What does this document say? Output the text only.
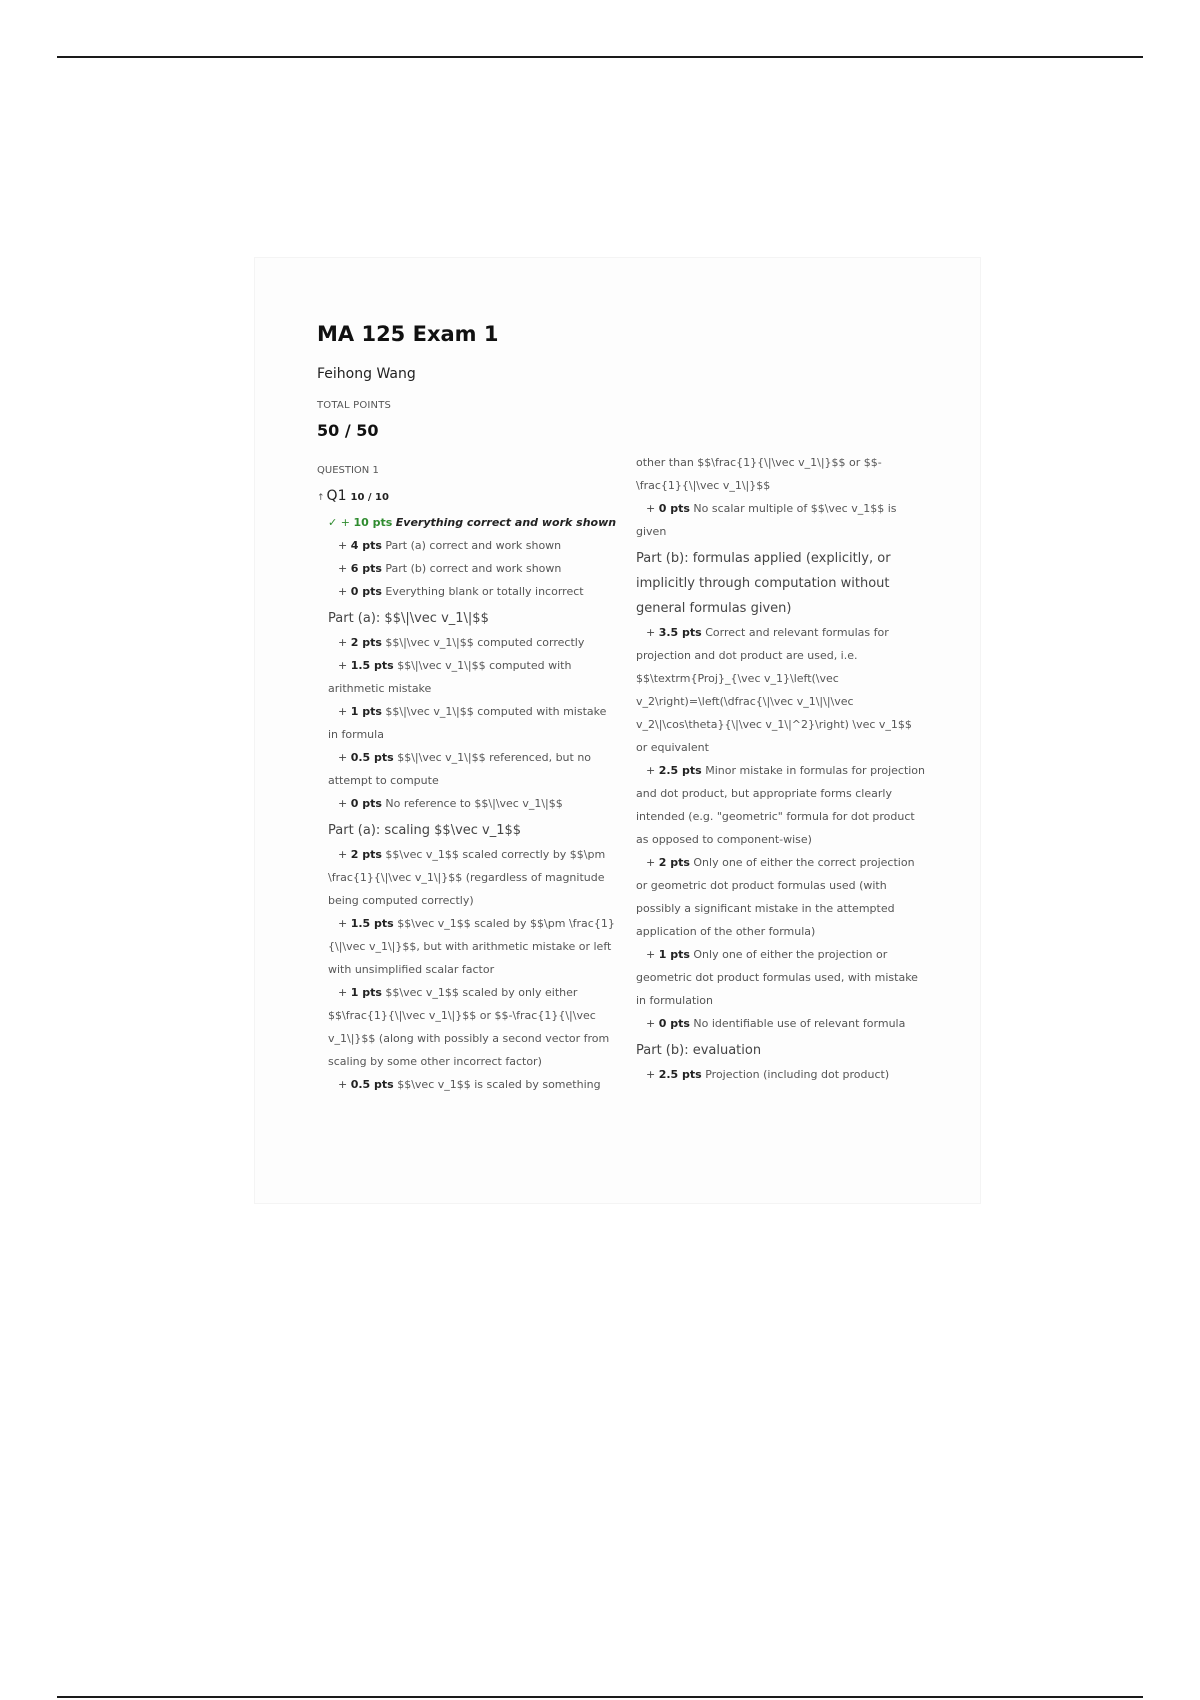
MA 125 Exam 1
Feihong Wang
TOTAL POINTS
50 / 50
QUESTION 1
↑ Q1 10 / 10
✓ + 10 pts Everything correct and work shown
+ 4 pts Part (a) correct and work shown
+ 6 pts Part (b) correct and work shown
+ 0 pts Everything blank or totally incorrect
Part (a): $$\|\vec v_1\|$$
+ 2 pts $$\|\vec v_1\|$$ computed correctly
+ 1.5 pts $$\|\vec v_1\|$$ computed with arithmetic mistake
+ 1 pts $$\|\vec v_1\|$$ computed with mistake in formula
+ 0.5 pts $$\|\vec v_1\|$$ referenced, but no attempt to compute
+ 0 pts No reference to $$\|\vec v_1\|$$
Part (a): scaling $$\vec v_1$$
+ 2 pts $$\vec v_1$$ scaled correctly by $$\pm \frac{1}{\|\vec v_1\|}$$ (regardless of magnitude being computed correctly)
+ 1.5 pts $$\vec v_1$$ scaled by $$\pm \frac{1}{\|\vec v_1\|}$$, but with arithmetic mistake or left with unsimplified scalar factor
+ 1 pts $$\vec v_1$$ scaled by only either $$\frac{1}{\|\vec v_1\|}$$ or $$-\frac{1}{\|\vec v_1\|}$$ (along with possibly a second vector from scaling by some other incorrect factor)
+ 0.5 pts $$\vec v_1$$ is scaled by something
other than $$\frac{1}{\|\vec v_1\|}$$ or $$-\frac{1}{\|\vec v_1\|}$$
+ 0 pts No scalar multiple of $$\vec v_1$$ is given
Part (b): formulas applied (explicitly, or implicitly through computation without general formulas given)
+ 3.5 pts Correct and relevant formulas for projection and dot product are used, i.e. $$\textrm{Proj}_{\vec v_1}\left(\vec v_2\right)=\left(\dfrac{\|\vec v_1\|\|\vec v_2\|\cos\theta}{\|\vec v_1\|^2}\right) \vec v_1$$ or equivalent
+ 2.5 pts Minor mistake in formulas for projection and dot product, but appropriate forms clearly intended (e.g. "geometric" formula for dot product as opposed to component-wise)
+ 2 pts Only one of either the correct projection or geometric dot product formulas used (with possibly a significant mistake in the attempted application of the other formula)
+ 1 pts Only one of either the projection or geometric dot product formulas used, with mistake in formulation
+ 0 pts No identifiable use of relevant formula
Part (b): evaluation
+ 2.5 pts Projection (including dot product)
